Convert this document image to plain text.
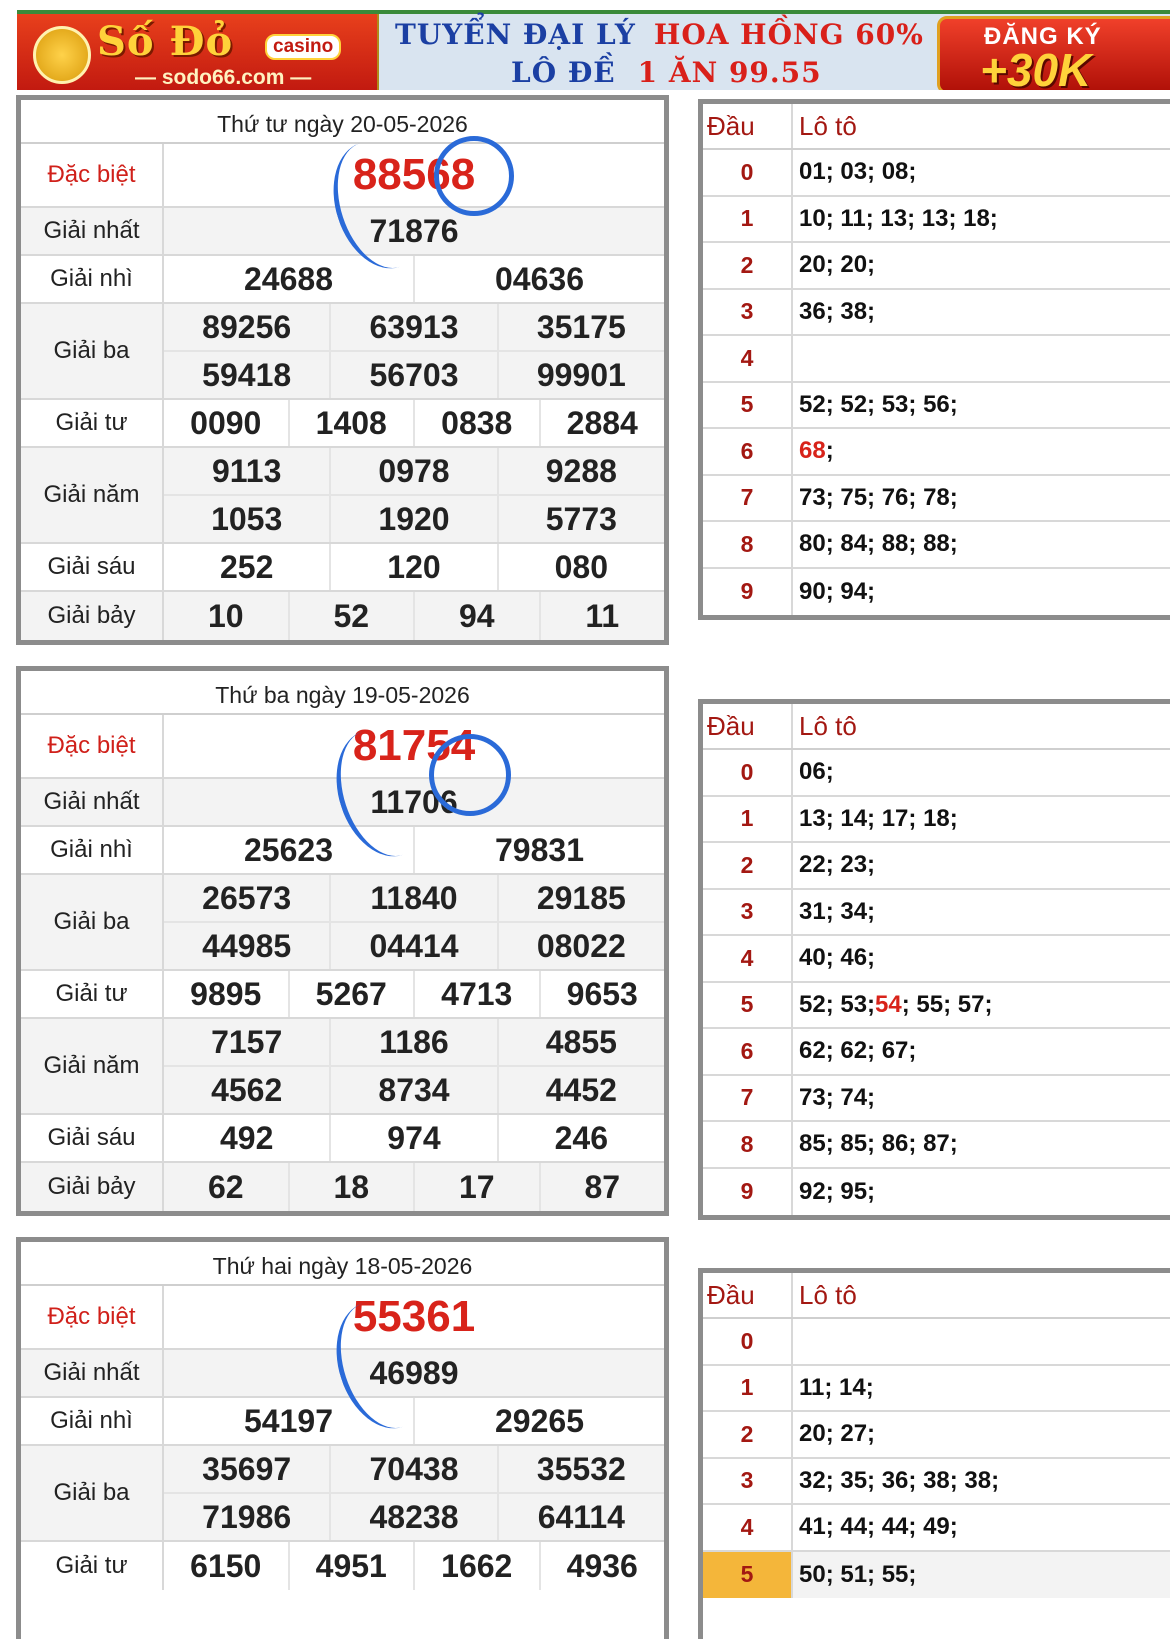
Số Đỏ	casino
— sodo66.com —
TUYỂN ĐẠI LÝ HOA HỒNG 60%
LÔ ĐỀ 1 ĂN 99.55
ĐĂNG KÝ
+30K
Thứ tư ngày 20-05-2026
Đặc biệt	88568
Giải nhất	71876
Giải nhì	24688	04636
Giải ba
89256	63913	35175
59418	56703	99901
Giải tư	0090	1408	0838	2884
Giải năm
9113	0978	9288
1053	1920	5773
Giải sáu	252	120	080
Giải bảy	10	52	94	11
Đầu	Lô tô
0	01; 03; 08;
1	10; 11; 13; 13; 18;
2	20; 20;
3	36; 38;
4
5	52; 52; 53; 56;
6	68 ;
7	73; 75; 76; 78;
8	80; 84; 88; 88;
9	90; 94;
Thứ ba ngày 19-05-2026
Đặc biệt	81754
Giải nhất	11706
Giải nhì	25623	79831
Giải ba
26573	11840	29185
44985	04414	08022
Giải tư	9895	5267	4713	9653
Giải năm
7157	1186	4855
4562	8734	4452
Giải sáu	492	974	246
Giải bảy	62	18	17	87
Đầu	Lô tô
0	06;
1	13; 14; 17; 18;
2	22; 23;
3	31; 34;
4	40; 46;
5	52; 53; 54 ; 55; 57;
6	62; 62; 67;
7	73; 74;
8	85; 85; 86; 87;
9	92; 95;
Thứ hai ngày 18-05-2026
Đặc biệt	55361
Giải nhất	46989
Giải nhì	54197	29265
Giải ba
35697	70438	35532
71986	48238	64114
Giải tư	6150	4951	1662	4936
Đầu	Lô tô
0
1	11; 14;
2	20; 27;
3	32; 35; 36; 38; 38;
4	41; 44; 44; 49;
5	50; 51; 55;
